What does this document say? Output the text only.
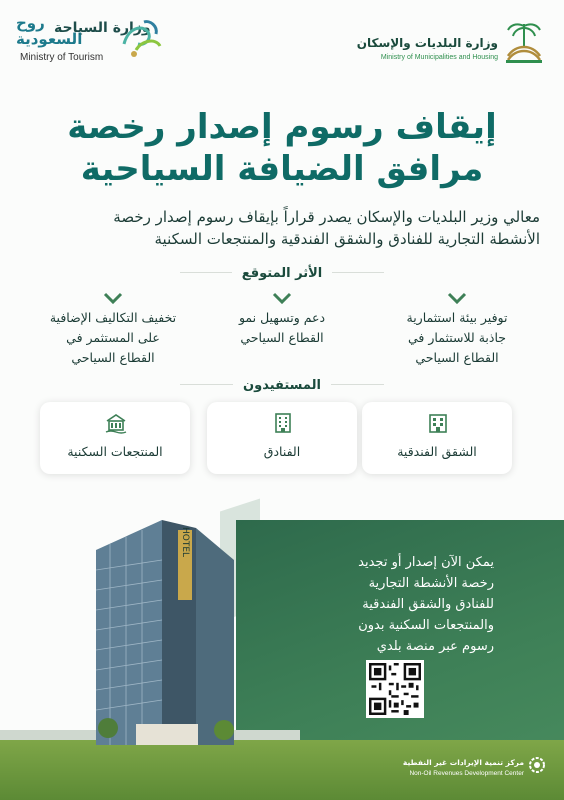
روح
السعودية
وزارة السياحة
Ministry of Tourism
وزارة البلديات والإسكان
Ministry of Municipalities and Housing
إيقاف رسوم إصدار رخصة
مرافق الضيافة السياحية
معالي وزير البلديات والإسكان يصدر قراراً بإيقاف رسوم إصدار رخصة
الأنشطة التجارية للفنادق والشقق الفندقية والمنتجعات السكنية
الأثر المتوقع
توفير بيئة استثمارية
جاذبة للاستثمار في
القطاع السياحي
دعم وتسهيل نمو
القطاع السياحي
تخفيف التكاليف الإضافية
على المستثمر في
القطاع السياحي
المستفيدون
الشقق الفندقية
الفنادق
المنتجعات السكنية
HOTEL
يمكن الآن إصدار أو تجديد
رخصة الأنشطة التجارية
للفنادق والشقق الفندقية
والمنتجعات السكنية بدون
رسوم عبر منصة بلدي
مركز تنمية الإيرادات غير النفطية
Non-Oil Revenues Development Center
